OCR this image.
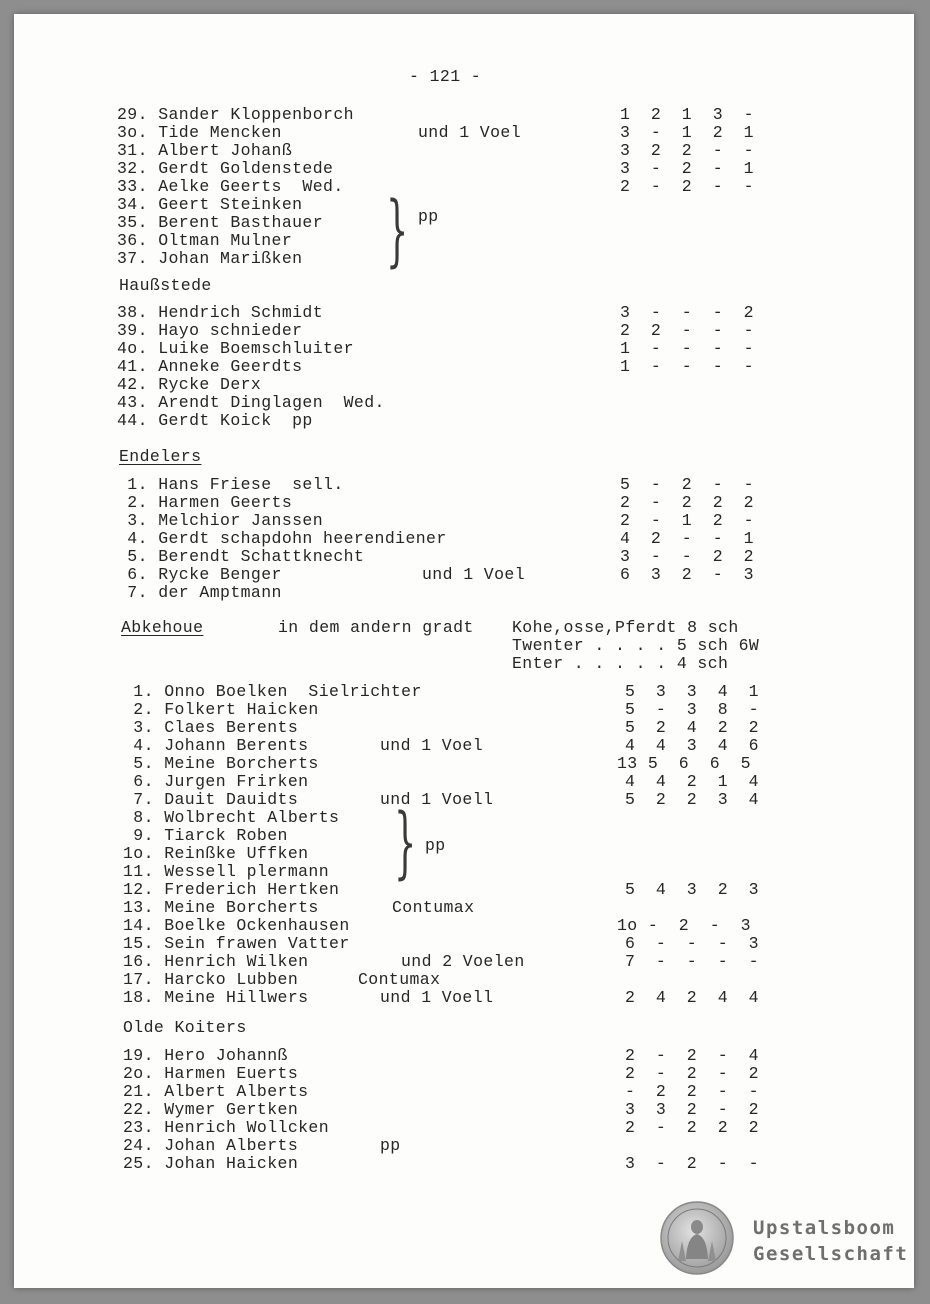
- 121 -
29. Sander Kloppenborch
3o. Tide Mencken
31. Albert Johanß
32. Gerdt Goldenstede
33. Aelke Geerts  Wed.
34. Geert Steinken
35. Berent Basthauer
36. Oltman Mulner
37. Johan Marißken
und 1 Voel
} pp
1  2  1  3  -
3  -  1  2  1
3  2  2  -  -
3  -  2  -  1
2  -  2  -  -
Haußstede
38. Hendrich Schmidt
39. Hayo schnieder
4o. Luike Boemschluiter
41. Anneke Geerdts
42. Rycke Derx
43. Arendt Dinglagen  Wed.
44. Gerdt Koick  pp
3  -  -  -  2
2  2  -  -  -
1  -  -  -  -
1  -  -  -  -
Endelers
1. Hans Friese  sell.
2. Harmen Geerts
3. Melchior Janssen
4. Gerdt schapdohn heerendiener
5. Berendt Schattknecht
6. Rycke Benger
7. der Amptmann
und 1 Voel
5  -  2  -  -
2  -  2  2  2
2  -  1  2  -
4  2  -  -  1
3  -  -  2  2
6  3  2  -  3
Abkehoue	in dem andern gradt Kohe,osse,Pferdt 8 sch
Twenter . . . . 5 sch 6W
Enter . . . . . 4 sch
1. Onno Boelken  Sielrichter
2. Folkert Haicken
3. Claes Berents
4. Johann Berents
5. Meine Borcherts
6. Jurgen Frirken
7. Dauit Dauidts
8. Wolbrecht Alberts
9. Tiarck Roben
1o. Reinßke Uffken
11. Wessell plermann
12. Frederich Hertken
13. Meine Borcherts
14. Boelke Ockenhausen
15. Sein frawen Vatter
16. Henrich Wilken
17. Harcko Lubben
18. Meine Hillwers
und 1 Voel
und 1 Voell
} pp
Contumax
und 2 Voelen
Contumax
und 1 Voell
5  3  3  4  1
5  -  3  8  -
5  2  4  2  2
4  4  3  4  6
13 5  6  6  5
4  4  2  1  4
5  2  2  3  4
5  4  3  2  3
1o -  2  -  3
6  -  -  -  3
7  -  -  -  -
2  4  2  4  4
Olde Koiters
19. Hero Johannß
2o. Harmen Euerts
21. Albert Alberts
22. Wymer Gertken
23. Henrich Wollcken
24. Johan Alberts
25. Johan Haicken
pp
2  -  2  -  4
2  -  2  -  2
-  2  2  -  -
3  3  2  -  2
2  -  2  2  2
3  -  2  -  -
Upstalsboom
Gesellschaft
